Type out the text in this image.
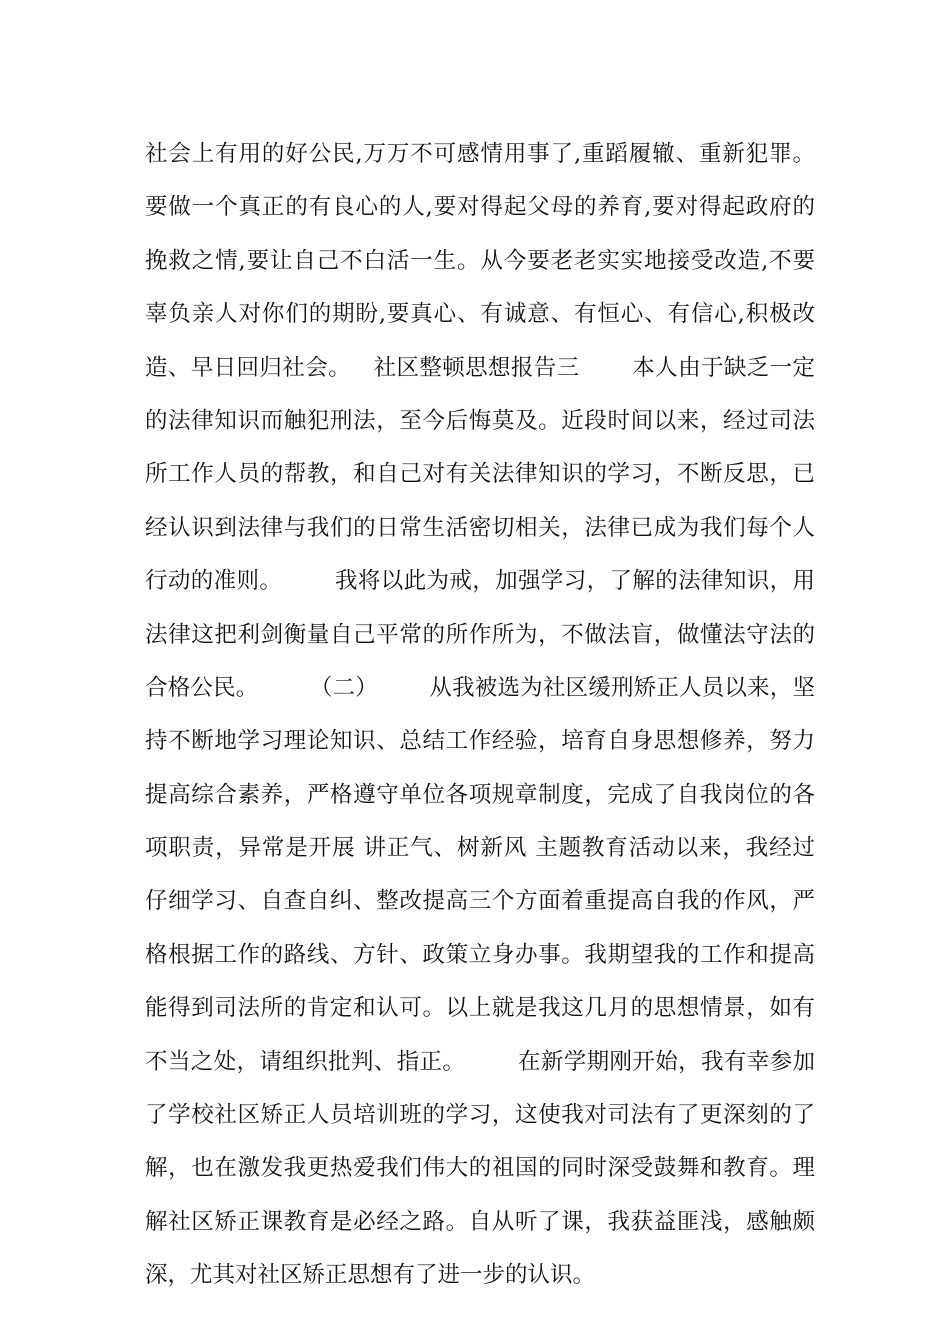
社会上有用的好公民,万万不可感情用事了,重蹈履辙、重新犯罪。
要做一个真正的有良心的人,要对得起父母的养育,要对得起政府的
挽救之情,要让自己不白活一生。从今要老老实实地接受改造,不要
辜负亲人对你们的期盼,要真心、有诚意、有恒心、有信心,积极改
造、早日回归社会。   社区整顿思想报告三       本人由于缺乏一定
的法律知识而触犯刑法，至今后悔莫及。近段时间以来，经过司法
所工作人员的帮教，和自己对有关法律知识的学习，不断反思，已
经认识到法律与我们的日常生活密切相关，法律已成为我们每个人
行动的准则。       我将以此为戒，加强学习，了解的法律知识，用
法律这把利剑衡量自己平常的所作所为，不做法盲，做懂法守法的
合格公民。       （二）       从我被选为社区缓刑矫正人员以来，坚
持不断地学习理论知识、总结工作经验，培育自身思想修养，努力
提高综合素养，严格遵守单位各项规章制度，完成了自我岗位的各
项职责，异常是开展 讲正气、树新风 主题教育活动以来，我经过
仔细学习、自查自纠、整改提高三个方面着重提高自我的作风，严
格根据工作的路线、方针、政策立身办事。我期望我的工作和提高
能得到司法所的肯定和认可。以上就是我这几月的思想情景，如有
不当之处，请组织批判、指正。       在新学期刚开始，我有幸参加
了学校社区矫正人员培训班的学习，这使我对司法有了更深刻的了
解，也在激发我更热爱我们伟大的祖国的同时深受鼓舞和教育。理
解社区矫正课教育是必经之路。自从听了课，我获益匪浅，感触颇
深，尤其对社区矫正思想有了进一步的认识。
